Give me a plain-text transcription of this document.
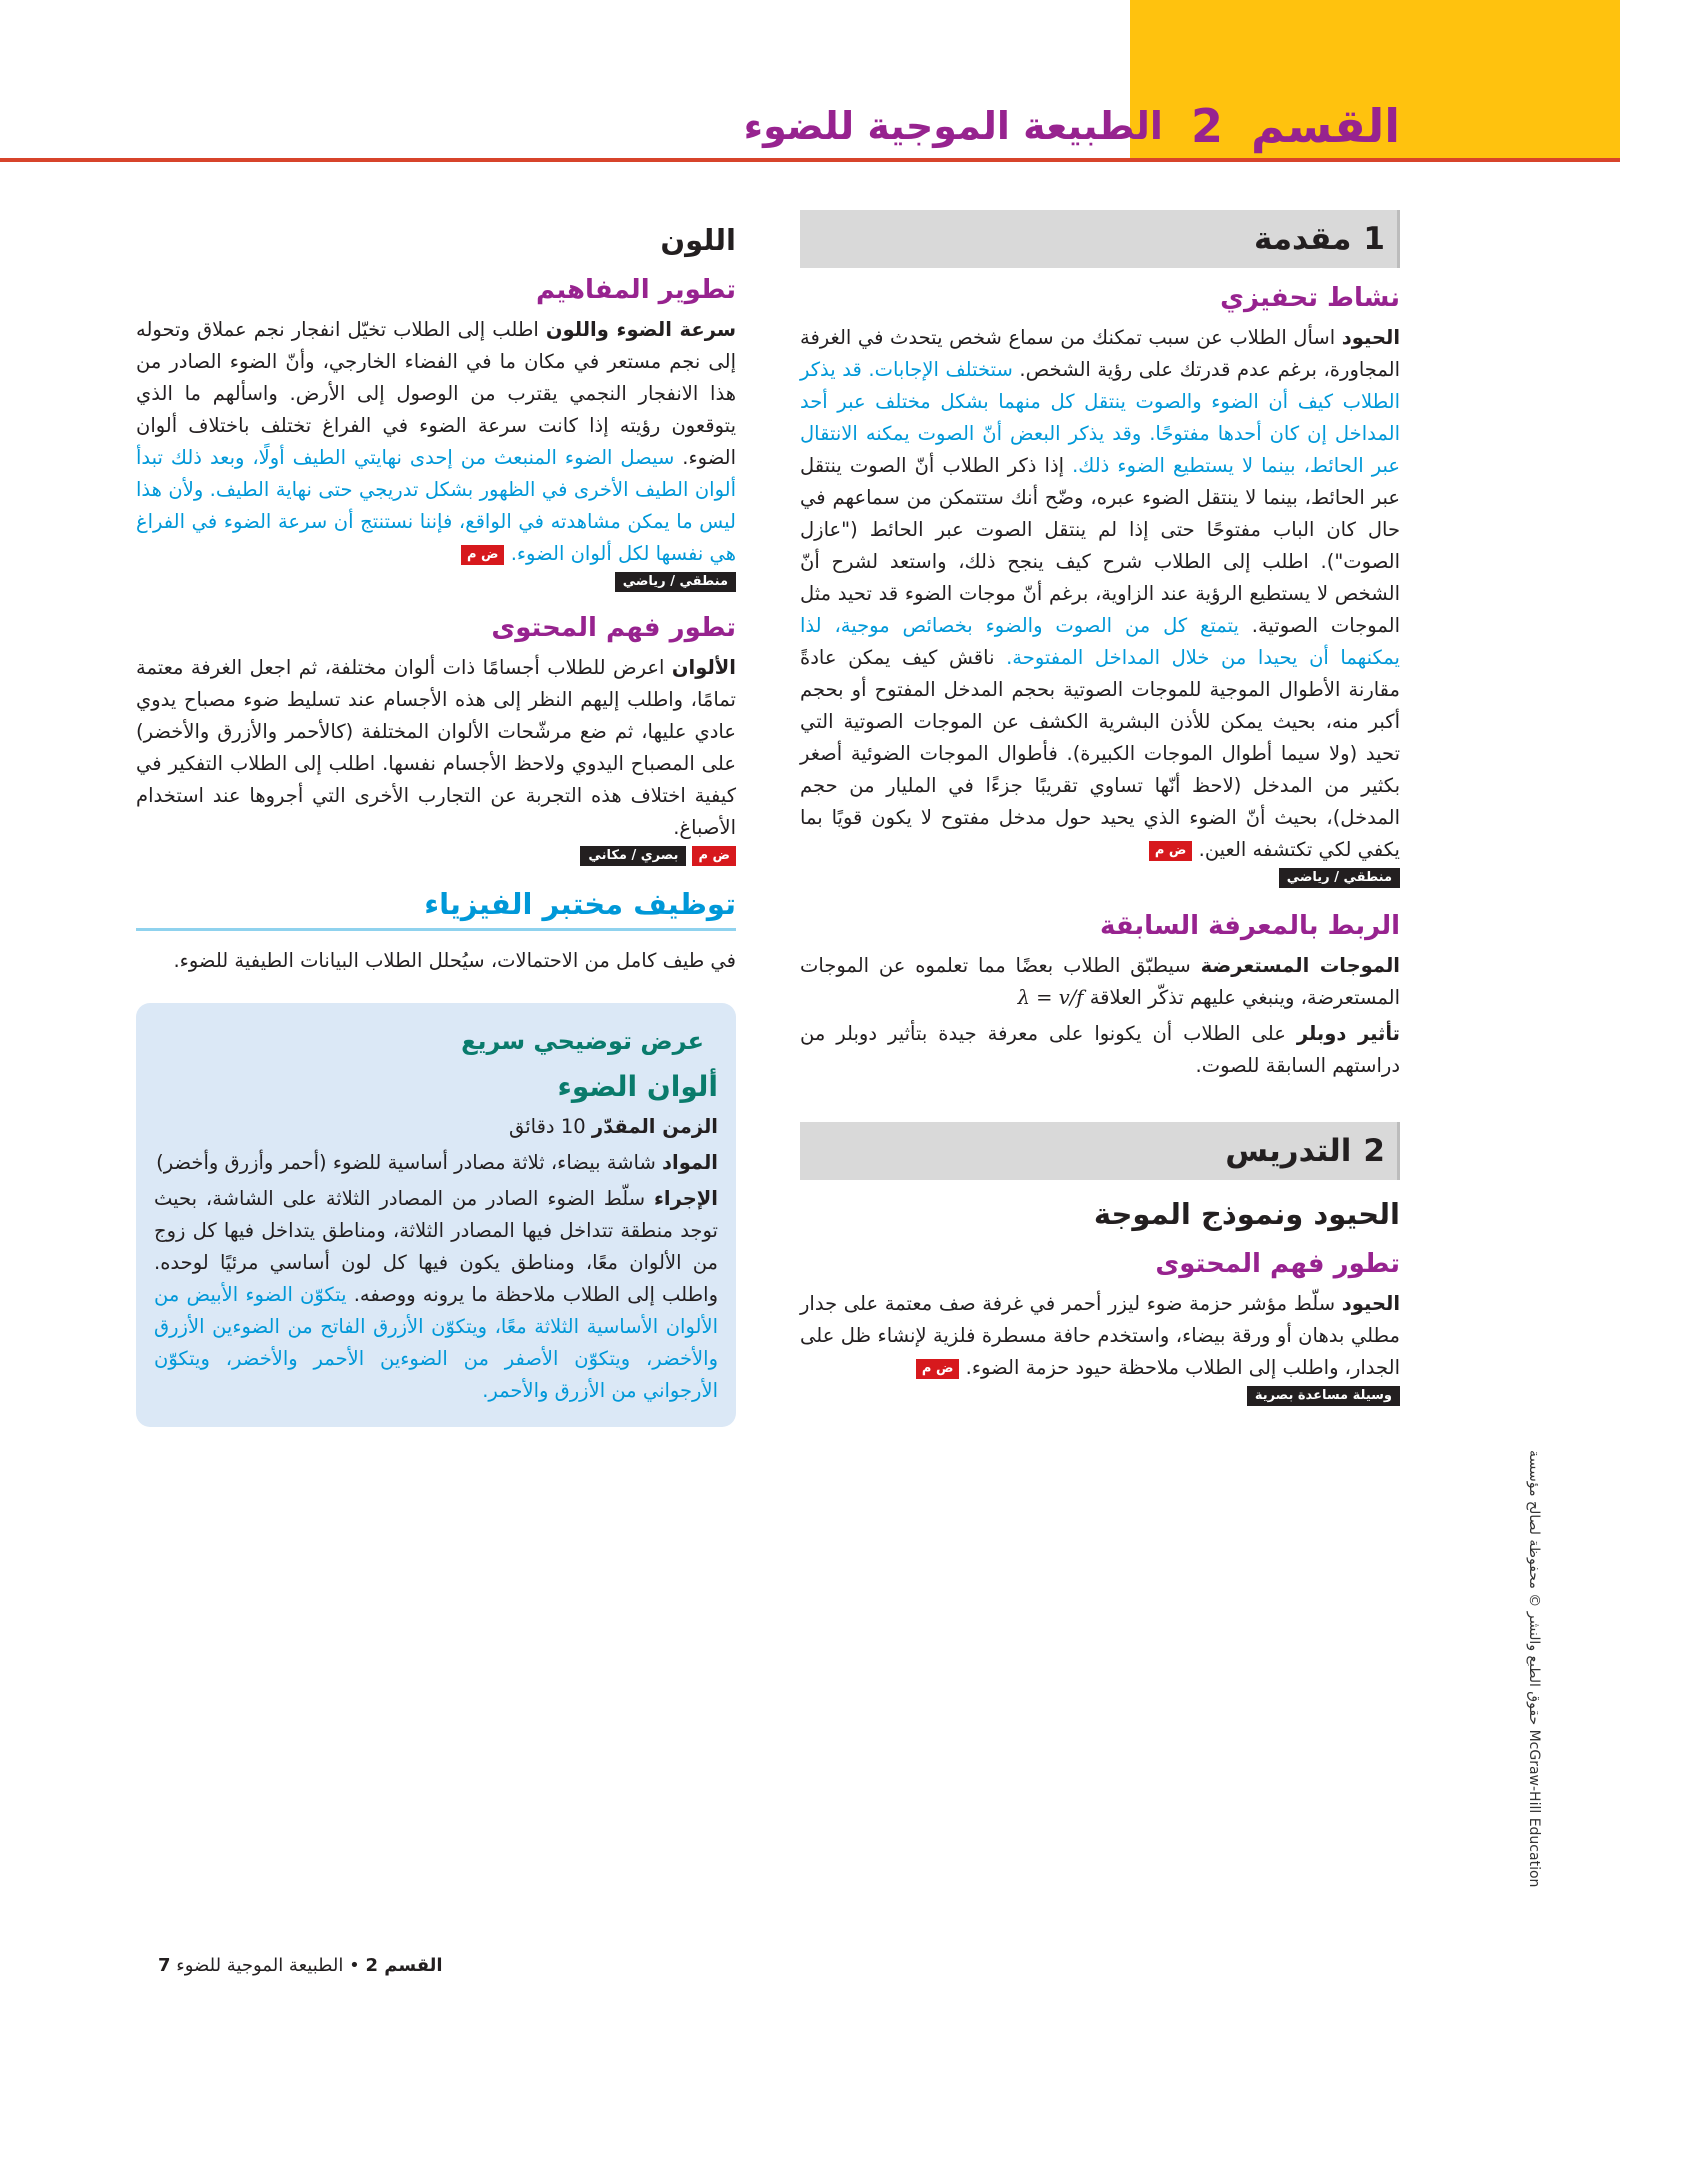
القسم
2
الطبيعة الموجية للضوء
حقوق الطبع والنشر © محفوظة لصالح مؤسسة McGraw-Hill Education
1
مقدمة
نشاط تحفيزي
الحيود اسأل الطلاب عن سبب تمكنك من سماع شخص يتحدث في الغرفة المجاورة، برغم عدم قدرتك على رؤية الشخص. ستختلف الإجابات. قد يذكر الطلاب كيف أن الضوء والصوت ينتقل كل منهما بشكل مختلف عبر أحد المداخل إن كان أحدها مفتوحًا. وقد يذكر البعض أنّ الصوت يمكنه الانتقال عبر الحائط، بينما لا يستطيع الضوء ذلك. إذا ذكر الطلاب أنّ الصوت ينتقل عبر الحائط، بينما لا ينتقل الضوء عبره، وضّح أنك ستتمكن من سماعهم في حال كان الباب مفتوحًا حتى إذا لم ينتقل الصوت عبر الحائط ("عازل الصوت"). اطلب إلى الطلاب شرح كيف ينجح ذلك، واستعد لشرح أنّ الشخص لا يستطيع الرؤية عند الزاوية، برغم أنّ موجات الضوء قد تحيد مثل الموجات الصوتية. يتمتع كل من الصوت والضوء بخصائص موجية، لذا يمكنهما أن يحيدا من خلال المداخل المفتوحة. ناقش كيف يمكن عادةً مقارنة الأطوال الموجية للموجات الصوتية بحجم المدخل المفتوح أو بحجم أكبر منه، بحيث يمكن للأذن البشرية الكشف عن الموجات الصوتية التي تحيد (ولا سيما أطوال الموجات الكبيرة). فأطوال الموجات الضوئية أصغر بكثير من المدخل (لاحظ أنّها تساوي تقريبًا جزءًا في المليار من حجم المدخل)، بحيث أنّ الضوء الذي يحيد حول مدخل مفتوح لا يكون قويًا بما يكفي لكي تكتشفه العين. ض م
منطقي / رياضي
الربط بالمعرفة السابقة
الموجات المستعرضة سيطبّق الطلاب بعضًا مما تعلموه عن الموجات المستعرضة، وينبغي عليهم تذكّر العلاقة λ = v/f
تأثير دوبلر على الطلاب أن يكونوا على معرفة جيدة بتأثير دوبلر من دراستهم السابقة للصوت.
2
التدريس
الحيود ونموذج الموجة
تطور فهم المحتوى
الحيود سلّط مؤشر حزمة ضوء ليزر أحمر في غرفة صف معتمة على جدار مطلي بدهان أو ورقة بيضاء، واستخدم حافة مسطرة فلزية لإنشاء ظل على الجدار، واطلب إلى الطلاب ملاحظة حيود حزمة الضوء. ض م
وسيلة مساعدة بصرية
اللون
تطوير المفاهيم
سرعة الضوء واللون اطلب إلى الطلاب تخيّل انفجار نجم عملاق وتحوله إلى نجم مستعر في مكان ما في الفضاء الخارجي، وأنّ الضوء الصادر من هذا الانفجار النجمي يقترب من الوصول إلى الأرض. واسألهم ما الذي يتوقعون رؤيته إذا كانت سرعة الضوء في الفراغ تختلف باختلاف ألوان الضوء. سيصل الضوء المنبعث من إحدى نهايتي الطيف أولًا، وبعد ذلك تبدأ ألوان الطيف الأخرى في الظهور بشكل تدريجي حتى نهاية الطيف. ولأن هذا ليس ما يمكن مشاهدته في الواقع، فإننا نستنتج أن سرعة الضوء في الفراغ هي نفسها لكل ألوان الضوء. ض م
منطقي / رياضي
تطور فهم المحتوى
الألوان اعرض للطلاب أجسامًا ذات ألوان مختلفة، ثم اجعل الغرفة معتمة تمامًا، واطلب إليهم النظر إلى هذه الأجسام عند تسليط ضوء مصباح يدوي عادي عليها، ثم ضع مرشّحات الألوان المختلفة (كالأحمر والأزرق والأخضر) على المصباح اليدوي ولاحظ الأجسام نفسها. اطلب إلى الطلاب التفكير في كيفية اختلاف هذه التجربة عن التجارب الأخرى التي أجروها عند استخدام الأصباغ.
ض م
بصري / مكاني
توظيف مختبر الفيزياء
في طيف كامل من الاحتمالات، سيُحلل الطلاب البيانات الطيفية للضوء.
عرض توضيحي سريع
ألوان الضوء
الزمن المقدّر 10 دقائق
المواد شاشة بيضاء، ثلاثة مصادر أساسية للضوء (أحمر وأزرق وأخضر)
الإجراء سلّط الضوء الصادر من المصادر الثلاثة على الشاشة، بحيث توجد منطقة تتداخل فيها المصادر الثلاثة، ومناطق يتداخل فيها كل زوج من الألوان معًا، ومناطق يكون فيها كل لون أساسي مرئيًا لوحده. واطلب إلى الطلاب ملاحظة ما يرونه ووصفه. يتكوّن الضوء الأبيض من الألوان الأساسية الثلاثة معًا، ويتكوّن الأزرق الفاتح من الضوءين الأزرق والأخضر، ويتكوّن الأصفر من الضوءين الأحمر والأخضر، ويتكوّن الأرجواني من الأزرق والأحمر.
القسم 2 • الطبيعة الموجية للضوء 7
